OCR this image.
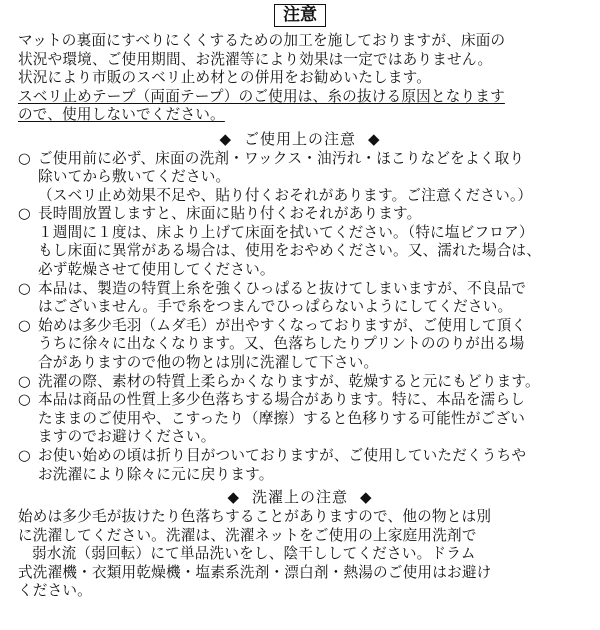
注意
マットの裏面にすべりにくくするための加工を施しておりますが、床面の
状況や環境、ご使用期間、お洗濯等により効果は一定ではありません。
状況により市販のスベリ止め材との併用をお勧めいたします。
スベリ止めテープ（両面テープ）のご使用は、糸の抜ける原因となります
ので、使用しないでください。
◆ ご使用上の注意 ◆
○ ご使用前に必ず、床面の洗剤・ワックス・油汚れ・ほこりなどをよく取り
除いてから敷いてください。
（スベリ止め効果不足や、貼り付くおそれがあります。ご注意ください。）
○ 長時間放置しますと、床面に貼り付くおそれがあります。
１週間に１度は、床より上げて床面を拭いてください。（特に塩ビフロア）
もし床面に異常がある場合は、使用をおやめください。又、濡れた場合は、
必ず乾燥させて使用してください。
○ 本品は、製造の特質上糸を強くひっぱると抜けてしまいますが、不良品で
はございません。手で糸をつまんでひっぱらないようにしてください。
○ 始めは多少毛羽（ムダ毛）が出やすくなっておりますが、ご使用して頂く
うちに徐々に出なくなります。又、色落ちしたりプリントののりが出る場
合がありますので他の物とは別に洗濯して下さい。
○ 洗濯の際、素材の特質上柔らかくなりますが、乾燥すると元にもどります。
○ 本品は商品の性質上多少色落ちする場合があります。特に、本品を濡らし
たままのご使用や、こすったり（摩擦）すると色移りする可能性がござい
ますのでお避けください。
○ お使い始めの頃は折り目がついておりますが、ご使用していただくうちや
お洗濯により除々に元に戻ります。
◆ 洗濯上の注意 ◆
始めは多少毛が抜けたり色落ちすることがありますので、他の物とは別
に洗濯してください。洗濯は、洗濯ネットをご使用の上家庭用洗剤で
弱水流（弱回転）にて単品洗いをし、陰干ししてください。ドラム
式洗濯機・衣類用乾燥機・塩素系洗剤・漂白剤・熱湯のご使用はお避け
ください。
